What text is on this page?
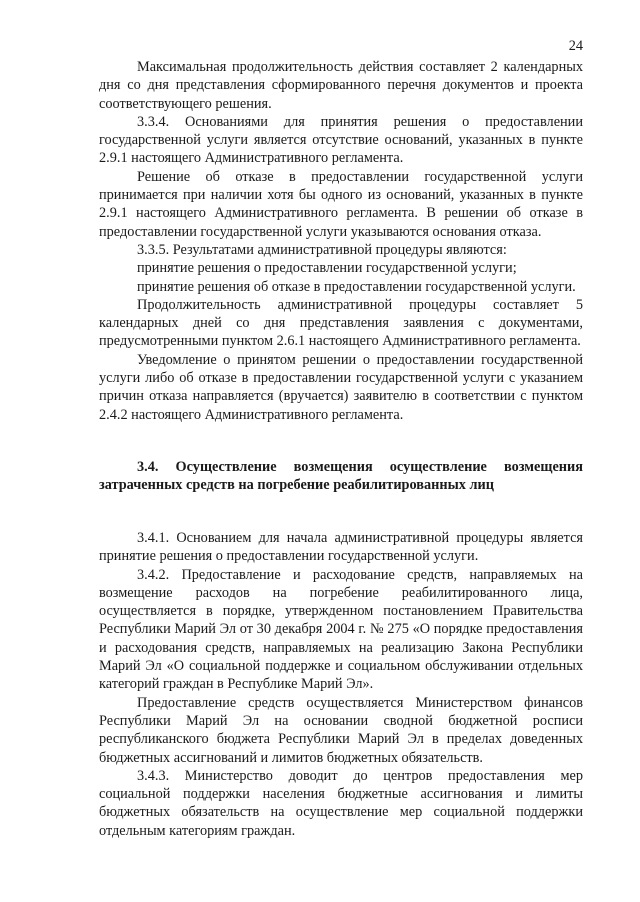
24

Максимальная продолжительность действия составляет 2 календарных дня со дня представления сформированного перечня документов и проекта соответствующего решения.

3.3.4. Основаниями для принятия решения о предоставлении государственной услуги является отсутствие оснований, указанных в пункте 2.9.1 настоящего Административного регламента.

Решение об отказе в предоставлении государственной услуги принимается при наличии хотя бы одного из оснований, указанных в пункте 2.9.1 настоящего Административного регламента. В решении об отказе в предоставлении государственной услуги указываются основания отказа.

3.3.5. Результатами административной процедуры являются:

принятие решения о предоставлении государственной услуги;

принятие решения об отказе в предоставлении государственной услуги.

Продолжительность административной процедуры составляет 5 календарных дней со дня представления заявления с документами, предусмотренными пунктом 2.6.1 настоящего Административного регламента.

Уведомление о принятом решении о предоставлении государственной услуги либо об отказе в предоставлении государственной услуги с указанием причин отказа направляется (вручается) заявителю в соответствии с пунктом 2.4.2 настоящего Административного регламента.

3.4. Осуществление возмещения осуществление возмещения затраченных средств на погребение реабилитированных лиц

3.4.1. Основанием для начала административной процедуры является принятие решения о предоставлении государственной услуги.

3.4.2. Предоставление и расходование средств, направляемых на возмещение расходов на погребение реабилитированного лица, осуществляется в порядке, утвержденном постановлением Правительства Республики Марий Эл от 30 декабря 2004 г. № 275 «О порядке предоставления и расходования средств, направляемых на реализацию Закона Республики Марий Эл «О социальной поддержке и социальном обслуживании отдельных категорий граждан в Республике Марий Эл».

Предоставление средств осуществляется Министерством финансов Республики Марий Эл на основании сводной бюджетной росписи республиканского бюджета Республики Марий Эл в пределах доведенных бюджетных ассигнований и лимитов бюджетных обязательств.

3.4.3. Министерство доводит до центров предоставления мер социальной поддержки населения бюджетные ассигнования и лимиты бюджетных обязательств на осуществление мер социальной поддержки отдельным категориям граждан.
